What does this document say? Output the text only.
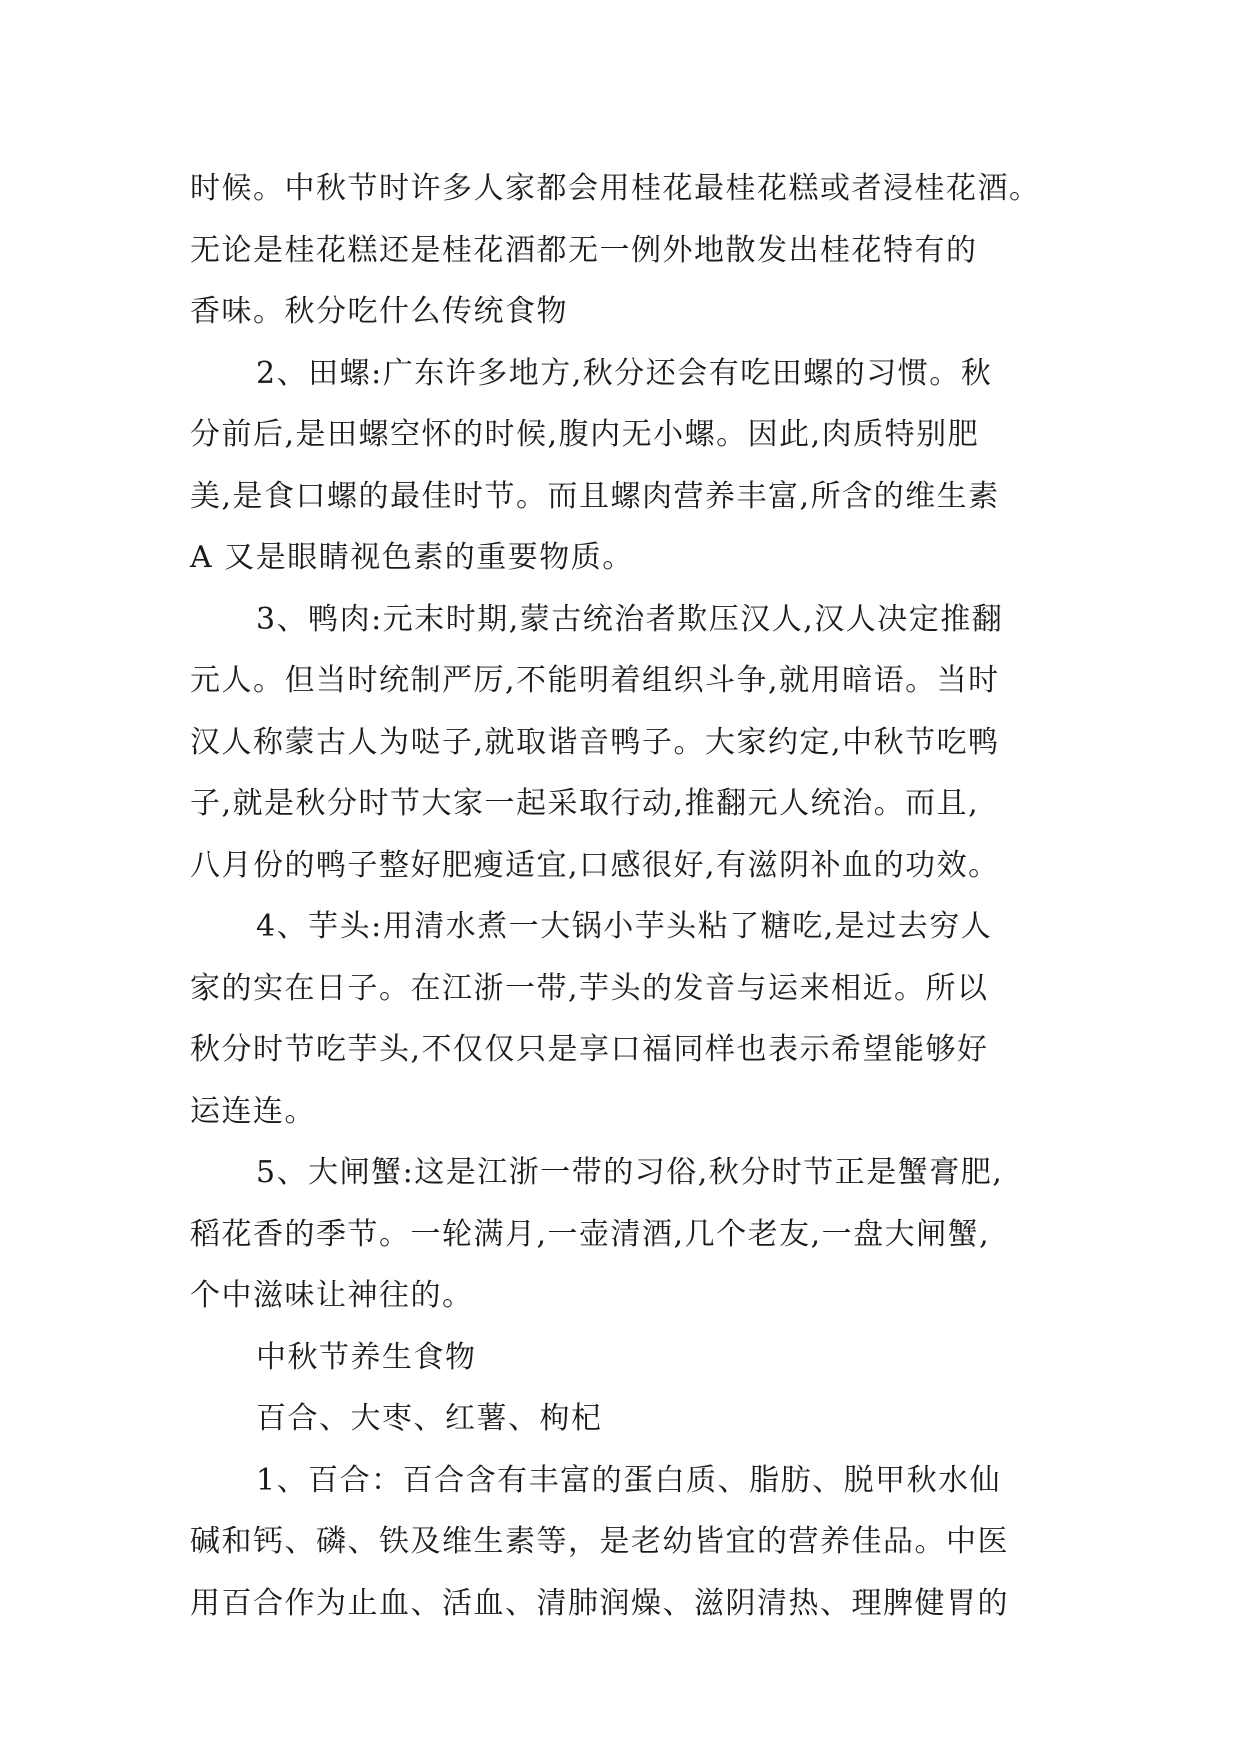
时候。中秋节时许多人家都会用桂花最桂花糕或者浸桂花酒。
无论是桂花糕还是桂花酒都无一例外地散发出桂花特有的
香味。秋分吃什么传统食物
2、田螺:广东许多地方,秋分还会有吃田螺的习惯。秋
分前后,是田螺空怀的时候,腹内无小螺。因此,肉质特别肥
美,是食口螺的最佳时节。而且螺肉营养丰富,所含的维生素
A 又是眼睛视色素的重要物质。
3、鸭肉:元末时期,蒙古统治者欺压汉人,汉人决定推翻
元人。但当时统制严厉,不能明着组织斗争,就用暗语。当时
汉人称蒙古人为哒子,就取谐音鸭子。大家约定,中秋节吃鸭
子,就是秋分时节大家一起采取行动,推翻元人统治。而且,
八月份的鸭子整好肥瘦适宜,口感很好,有滋阴补血的功效。
4、芋头:用清水煮一大锅小芋头粘了糖吃,是过去穷人
家的实在日子。在江浙一带,芋头的发音与运来相近。所以
秋分时节吃芋头,不仅仅只是享口福同样也表示希望能够好
运连连。
5、大闸蟹:这是江浙一带的习俗,秋分时节正是蟹膏肥,
稻花香的季节。一轮满月,一壶清酒,几个老友,一盘大闸蟹,
个中滋味让神往的。
中秋节养生食物
百合、大枣、红薯、枸杞
1、百合：百合含有丰富的蛋白质、脂肪、脱甲秋水仙
碱和钙、磷、铁及维生素等，是老幼皆宜的营养佳品。中医
用百合作为止血、活血、清肺润燥、滋阴清热、理脾健胃的
